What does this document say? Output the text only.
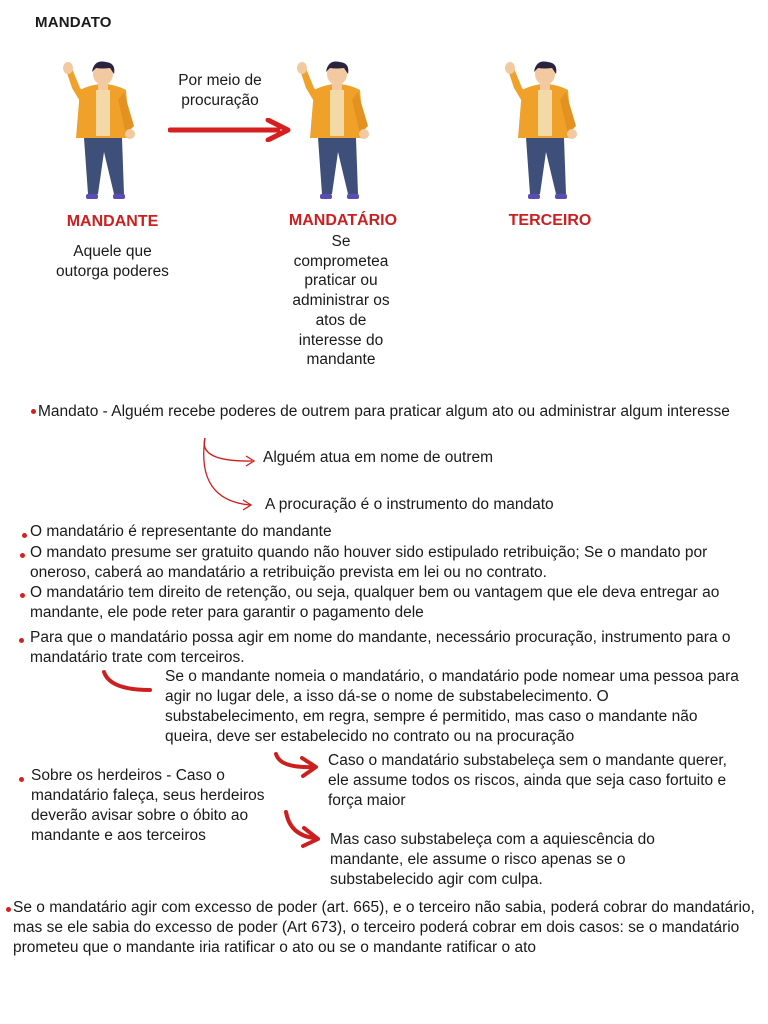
MANDATO
Por meio de
procuração
MANDANTE
Aquele que
outorga poderes
MANDATÁRIO
Se
comprometea
praticar ou
administrar os
atos de
interesse do
mandante
TERCEIRO
Mandato - Alguém recebe poderes de outrem para praticar algum ato ou administrar algum interesse
Alguém atua em nome de outrem
A procuração é o instrumento do mandato
O mandatário é representante do mandante
O mandato presume ser gratuito quando não houver sido estipulado retribuição; Se o mandato por oneroso, caberá ao mandatário a retribuição prevista em lei ou no contrato.
O mandatário tem direito de retenção, ou seja, qualquer bem ou vantagem que ele deva entregar ao mandante, ele pode reter para garantir o pagamento dele
Para que o mandatário possa agir em nome do mandante, necessário procuração, instrumento para o mandatário trate com terceiros.
Se o mandante nomeia o mandatário, o mandatário pode nomear uma pessoa para agir no lugar dele, a isso dá-se o nome de substabelecimento. O substabelecimento, em regra, sempre é permitido, mas caso o mandante não queira, deve ser estabelecido no contrato ou na procuração
Caso o mandatário substabeleça sem o mandante querer, ele assume todos os riscos, ainda que seja caso fortuito e força maior
Sobre os herdeiros - Caso o mandatário faleça, seus herdeiros deverão avisar sobre o óbito ao mandante e aos terceiros	Mas caso substabeleça com a aquiescência do mandante, ele assume o risco apenas se o substabelecido agir com culpa.
Se o mandatário agir com excesso de poder (art. 665), e o terceiro não sabia, poderá cobrar do mandatário, mas se ele sabia do excesso de poder (Art 673), o terceiro poderá cobrar em dois casos: se o mandatário prometeu que o mandante iria ratificar o ato ou se o mandante ratificar o ato
